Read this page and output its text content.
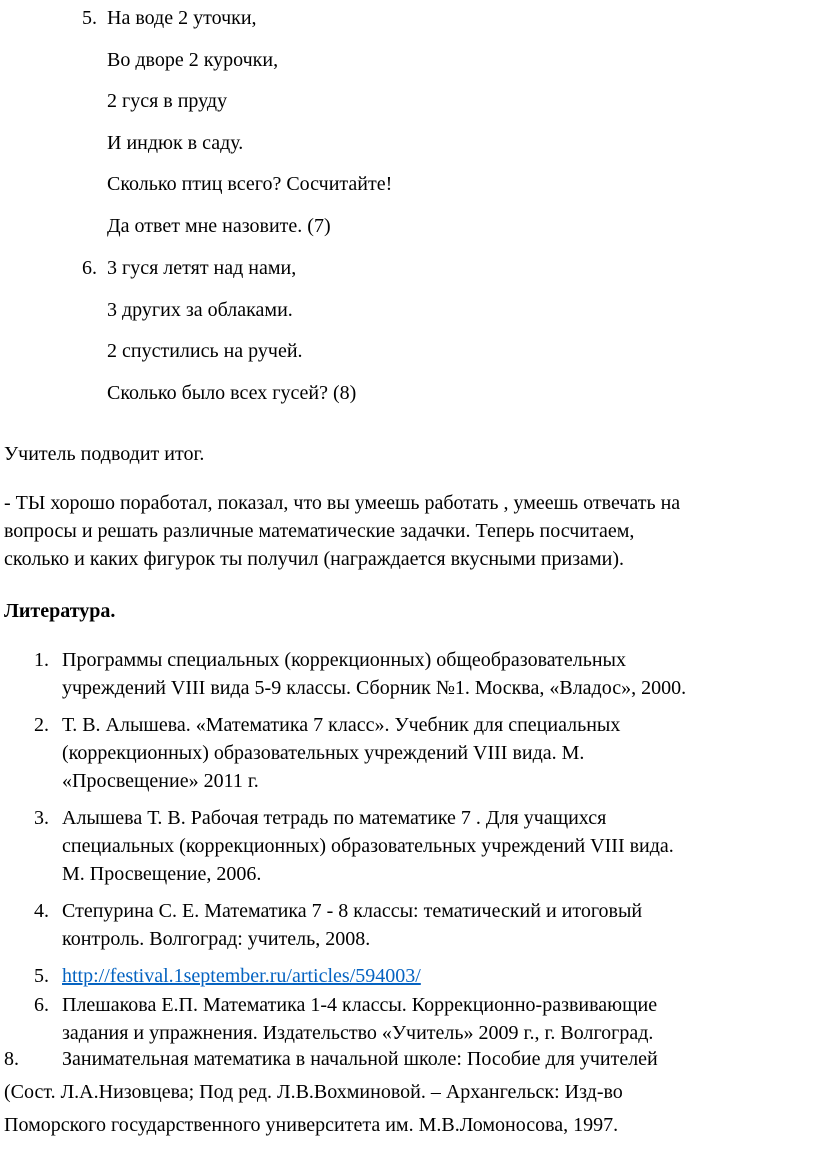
5. На воде 2 уточки,
Во дворе 2 курочки,
2 гуся в пруду
И индюк в саду.
Сколько птиц всего? Сосчитайте!
Да ответ мне назовите. (7)
6. 3 гуся летят над нами,
3 других за облаками.
2 спустились на ручей.
Сколько было всех гусей? (8)
Учитель подводит итог.
- ТЫ хорошо поработал, показал, что вы умеешь работать , умеешь отвечать на
вопросы и решать различные математические задачки. Теперь посчитаем,
сколько и каких фигурок ты получил (награждается вкусными призами).
Литература.
1. Программы специальных (коррекционных) общеобразовательных
учреждений VIII вида 5-9 классы. Сборник №1. Москва, «Владос», 2000.
2. Т. В. Алышева. «Математика 7 класс». Учебник для специальных
(коррекционных) образовательных учреждений VIII вида. М.
«Просвещение» 2011 г.
3. Алышева Т. В. Рабочая тетрадь по математике 7 . Для учащихся
специальных (коррекционных) образовательных учреждений VIII вида.
М. Просвещение, 2006.
4. Степурина С. Е. Математика 7 - 8 классы: тематический и итоговый
контроль. Волгоград: учитель, 2008.
5. http://festival.1september.ru/articles/594003/
6. Плешакова Е.П. Математика 1-4 классы. Коррекционно-развивающие
задания и упражнения. Издательство «Учитель» 2009 г., г. Волгоград.
8. Занимательная математика в начальной школе: Пособие для учителей
(Сост. Л.А.Низовцева; Под ред. Л.В.Вохминовой. – Архангельск: Изд-во
Поморского государственного университета им. М.В.Ломоносова, 1997.
